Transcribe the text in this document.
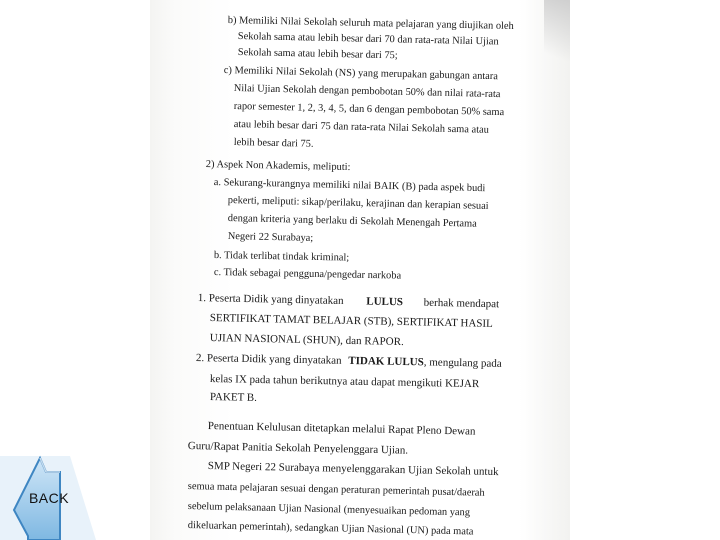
b) Memiliki Nilai Sekolah seluruh mata pelajaran yang diujikan oleh
Sekolah sama atau lebih besar dari 70 dan rata-rata Nilai Ujian
Sekolah sama atau lebih besar dari 75;
c) Memiliki Nilai Sekolah (NS) yang merupakan gabungan antara
Nilai Ujian Sekolah dengan pembobotan 50% dan nilai rata-rata
rapor semester 1, 2, 3, 4, 5, dan 6 dengan pembobotan 50% sama
atau lebih besar dari 75 dan rata-rata Nilai Sekolah sama atau
lebih besar dari 75.
2) Aspek Non Akademis, meliputi:
a. Sekurang-kurangnya memiliki nilai BAIK (B) pada aspek budi
pekerti, meliputi: sikap/perilaku, kerajinan dan kerapian sesuai
dengan kriteria yang berlaku di Sekolah Menengah Pertama
Negeri 22 Surabaya;
b. Tidak terlibat tindak kriminal;
c. Tidak sebagai pengguna/pengedar narkoba
1. Peserta Didik yang dinyatakan LULUS berhak mendapat
SERTIFIKAT TAMAT BELAJAR (STB), SERTIFIKAT HASIL
UJIAN NASIONAL (SHUN), dan RAPOR.
2. Peserta Didik yang dinyatakan TIDAK LULUS, mengulang pada
kelas IX pada tahun berikutnya atau dapat mengikuti KEJAR
PAKET B.
Penentuan Kelulusan ditetapkan melalui Rapat Pleno Dewan
Guru/Rapat Panitia Sekolah Penyelenggara Ujian.
SMP Negeri 22 Surabaya menyelenggarakan Ujian Sekolah untuk
semua mata pelajaran sesuai dengan peraturan pemerintah pusat/daerah
sebelum pelaksanaan Ujian Nasional (menyesuaikan pedoman yang
dikeluarkan pemerintah), sedangkan Ujian Nasional (UN) pada mata
BACK
